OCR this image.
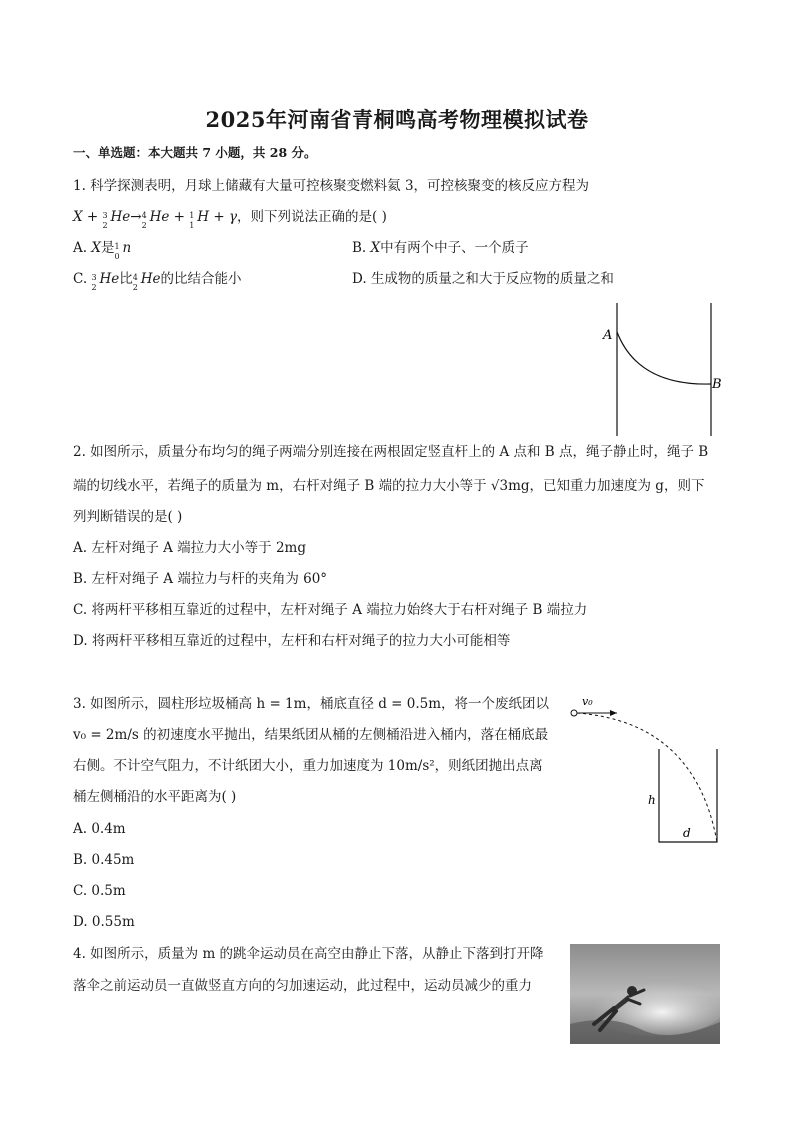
2025年河南省青桐鸣高考物理模拟试卷
一、单选题：本大题共 7 小题，共 28 分。
1. 科学探测表明，月球上储藏有大量可控核聚变燃料氦 3，可控核聚变的核反应方程为
X + 3
2 He→ 4
2 He + 1
1 H + γ，则下列说法正确的是( )
A. X是 1
0 n	B. X中有两个中子、一个质子
C. 3
2 He比 4
2 He的比结合能小	D. 生成物的质量之和大于反应物的质量之和
A
B
2. 如图所示，质量分布均匀的绳子两端分别连接在两根固定竖直杆上的 A 点和 B 点，绳子静止时，绳子 B
端的切线水平，若绳子的质量为 m，右杆对绳子 B 端的拉力大小等于 √3mg，已知重力加速度为 g，则下
列判断错误的是( )
A. 左杆对绳子 A 端拉力大小等于 2mg
B. 左杆对绳子 A 端拉力与杆的夹角为 60°
C. 将两杆平移相互靠近的过程中，左杆对绳子 A 端拉力始终大于右杆对绳子 B 端拉力
D. 将两杆平移相互靠近的过程中，左杆和右杆对绳子的拉力大小可能相等
3. 如图所示，圆柱形垃圾桶高 h = 1m，桶底直径 d = 0.5m，将一个废纸团以
v₀ = 2m/s 的初速度水平抛出，结果纸团从桶的左侧桶沿进入桶内，落在桶底最
右侧。不计空气阻力，不计纸团大小，重力加速度为 10m/s²，则纸团抛出点离
桶左侧桶沿的水平距离为( )
A. 0.4m
B. 0.45m
C. 0.5m
D. 0.55m
v₀
h
d
4. 如图所示，质量为 m 的跳伞运动员在高空由静止下落，从静止下落到打开降
落伞之前运动员一直做竖直方向的匀加速运动，此过程中，运动员减少的重力
